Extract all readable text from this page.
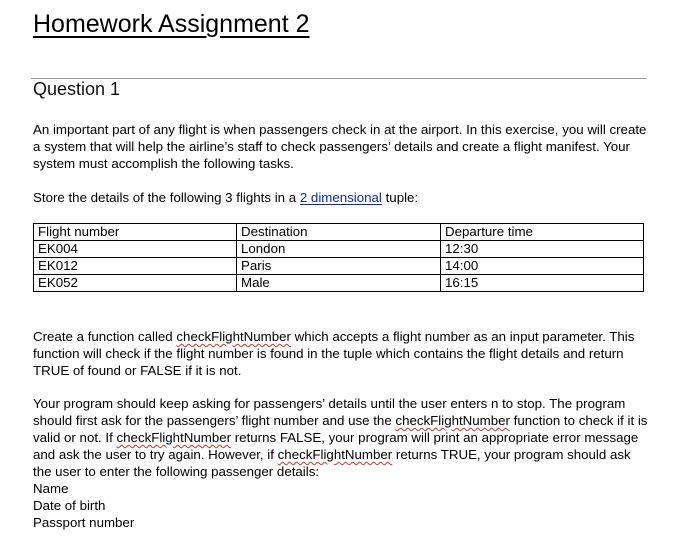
Homework Assignment 2
Question 1
An important part of any flight is when passengers check in at the airport. In this exercise, you will create a system that will help the airline’s staff to check passengers’ details and create a flight manifest. Your system must accomplish the following tasks.
Store the details of the following 3 flights in a 2 dimensional tuple:
Flight number	Destination	Departure time
EK004	London	12:30
EK012	Paris	14:00
EK052	Male	16:15
Create a function called checkFlightNumber which accepts a flight number as an input parameter. This function will check if the flight number is found in the tuple which contains the flight details and return TRUE of found or FALSE if it is not.
Your program should keep asking for passengers’ details until the user enters n to stop. The program should first ask for the passengers’ flight number and use the checkFlightNumber function to check if it is valid or not. If checkFlightNumber returns FALSE, your program will print an appropriate error message and ask the user to try again. However, if checkFlightNumber returns TRUE, your program should ask
the user to enter the following passenger details:
Name
Date of birth
Passport number
